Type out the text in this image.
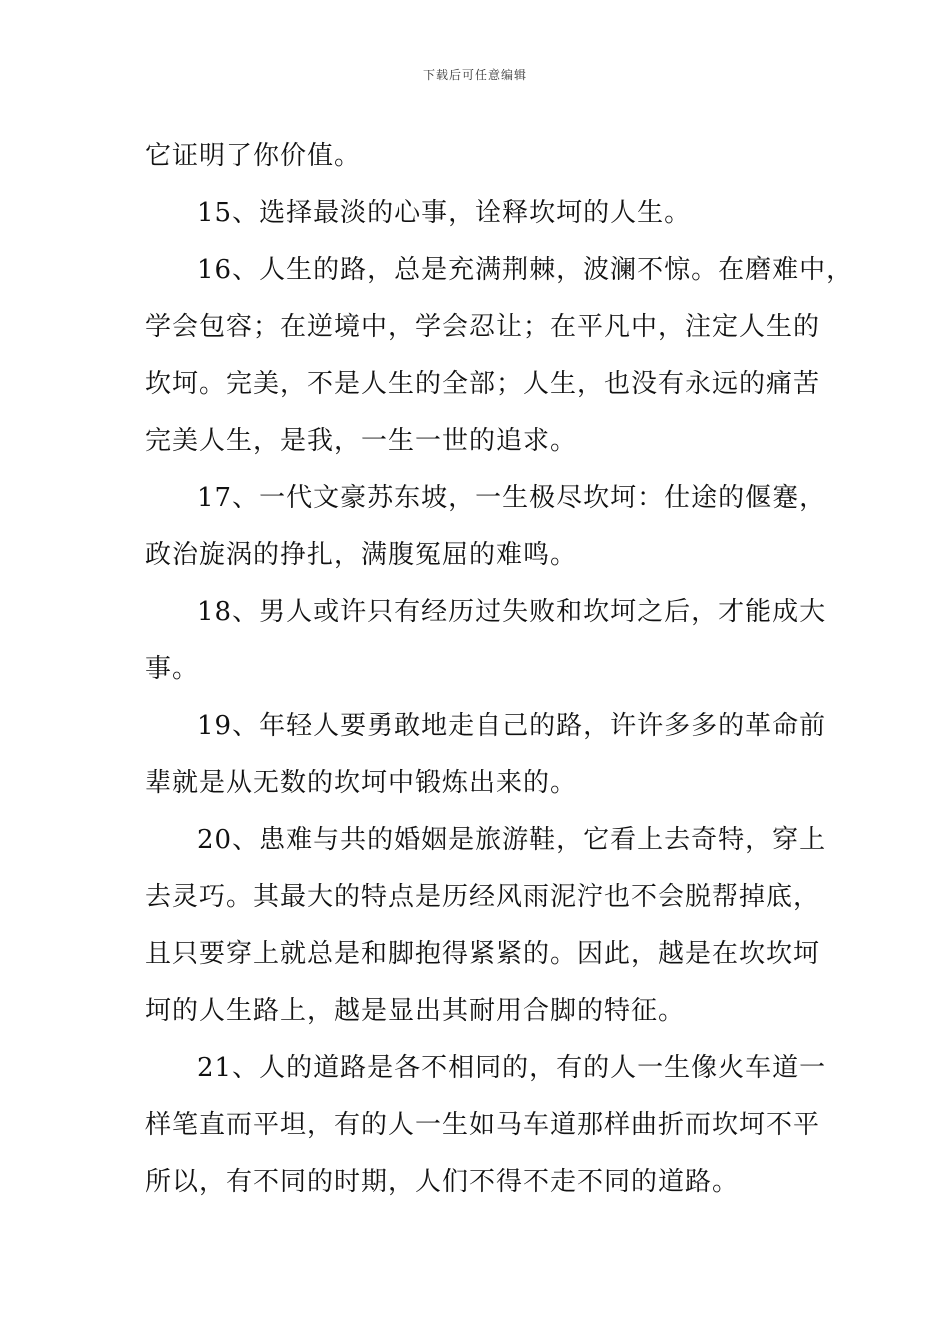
下载后可任意编辑
它证明了你价值。
15、选择最淡的心事，诠释坎坷的人生。
16、人生的路，总是充满荆棘，波澜不惊。在磨难中，
学会包容；在逆境中，学会忍让；在平凡中，注定人生的
坎坷。完美，不是人生的全部；人生，也没有永远的痛苦
完美人生，是我，一生一世的追求。
17、一代文豪苏东坡，一生极尽坎坷：仕途的偃蹇，
政治旋涡的挣扎，满腹冤屈的难鸣。
18、男人或许只有经历过失败和坎坷之后，才能成大
事。
19、年轻人要勇敢地走自己的路，许许多多的革命前
辈就是从无数的坎坷中锻炼出来的。
20、患难与共的婚姻是旅游鞋，它看上去奇特，穿上
去灵巧。其最大的特点是历经风雨泥泞也不会脱帮掉底，
且只要穿上就总是和脚抱得紧紧的。因此，越是在坎坎坷
坷的人生路上，越是显出其耐用合脚的特征。
21、人的道路是各不相同的，有的人一生像火车道一
样笔直而平坦，有的人一生如马车道那样曲折而坎坷不平
所以，有不同的时期，人们不得不走不同的道路。
